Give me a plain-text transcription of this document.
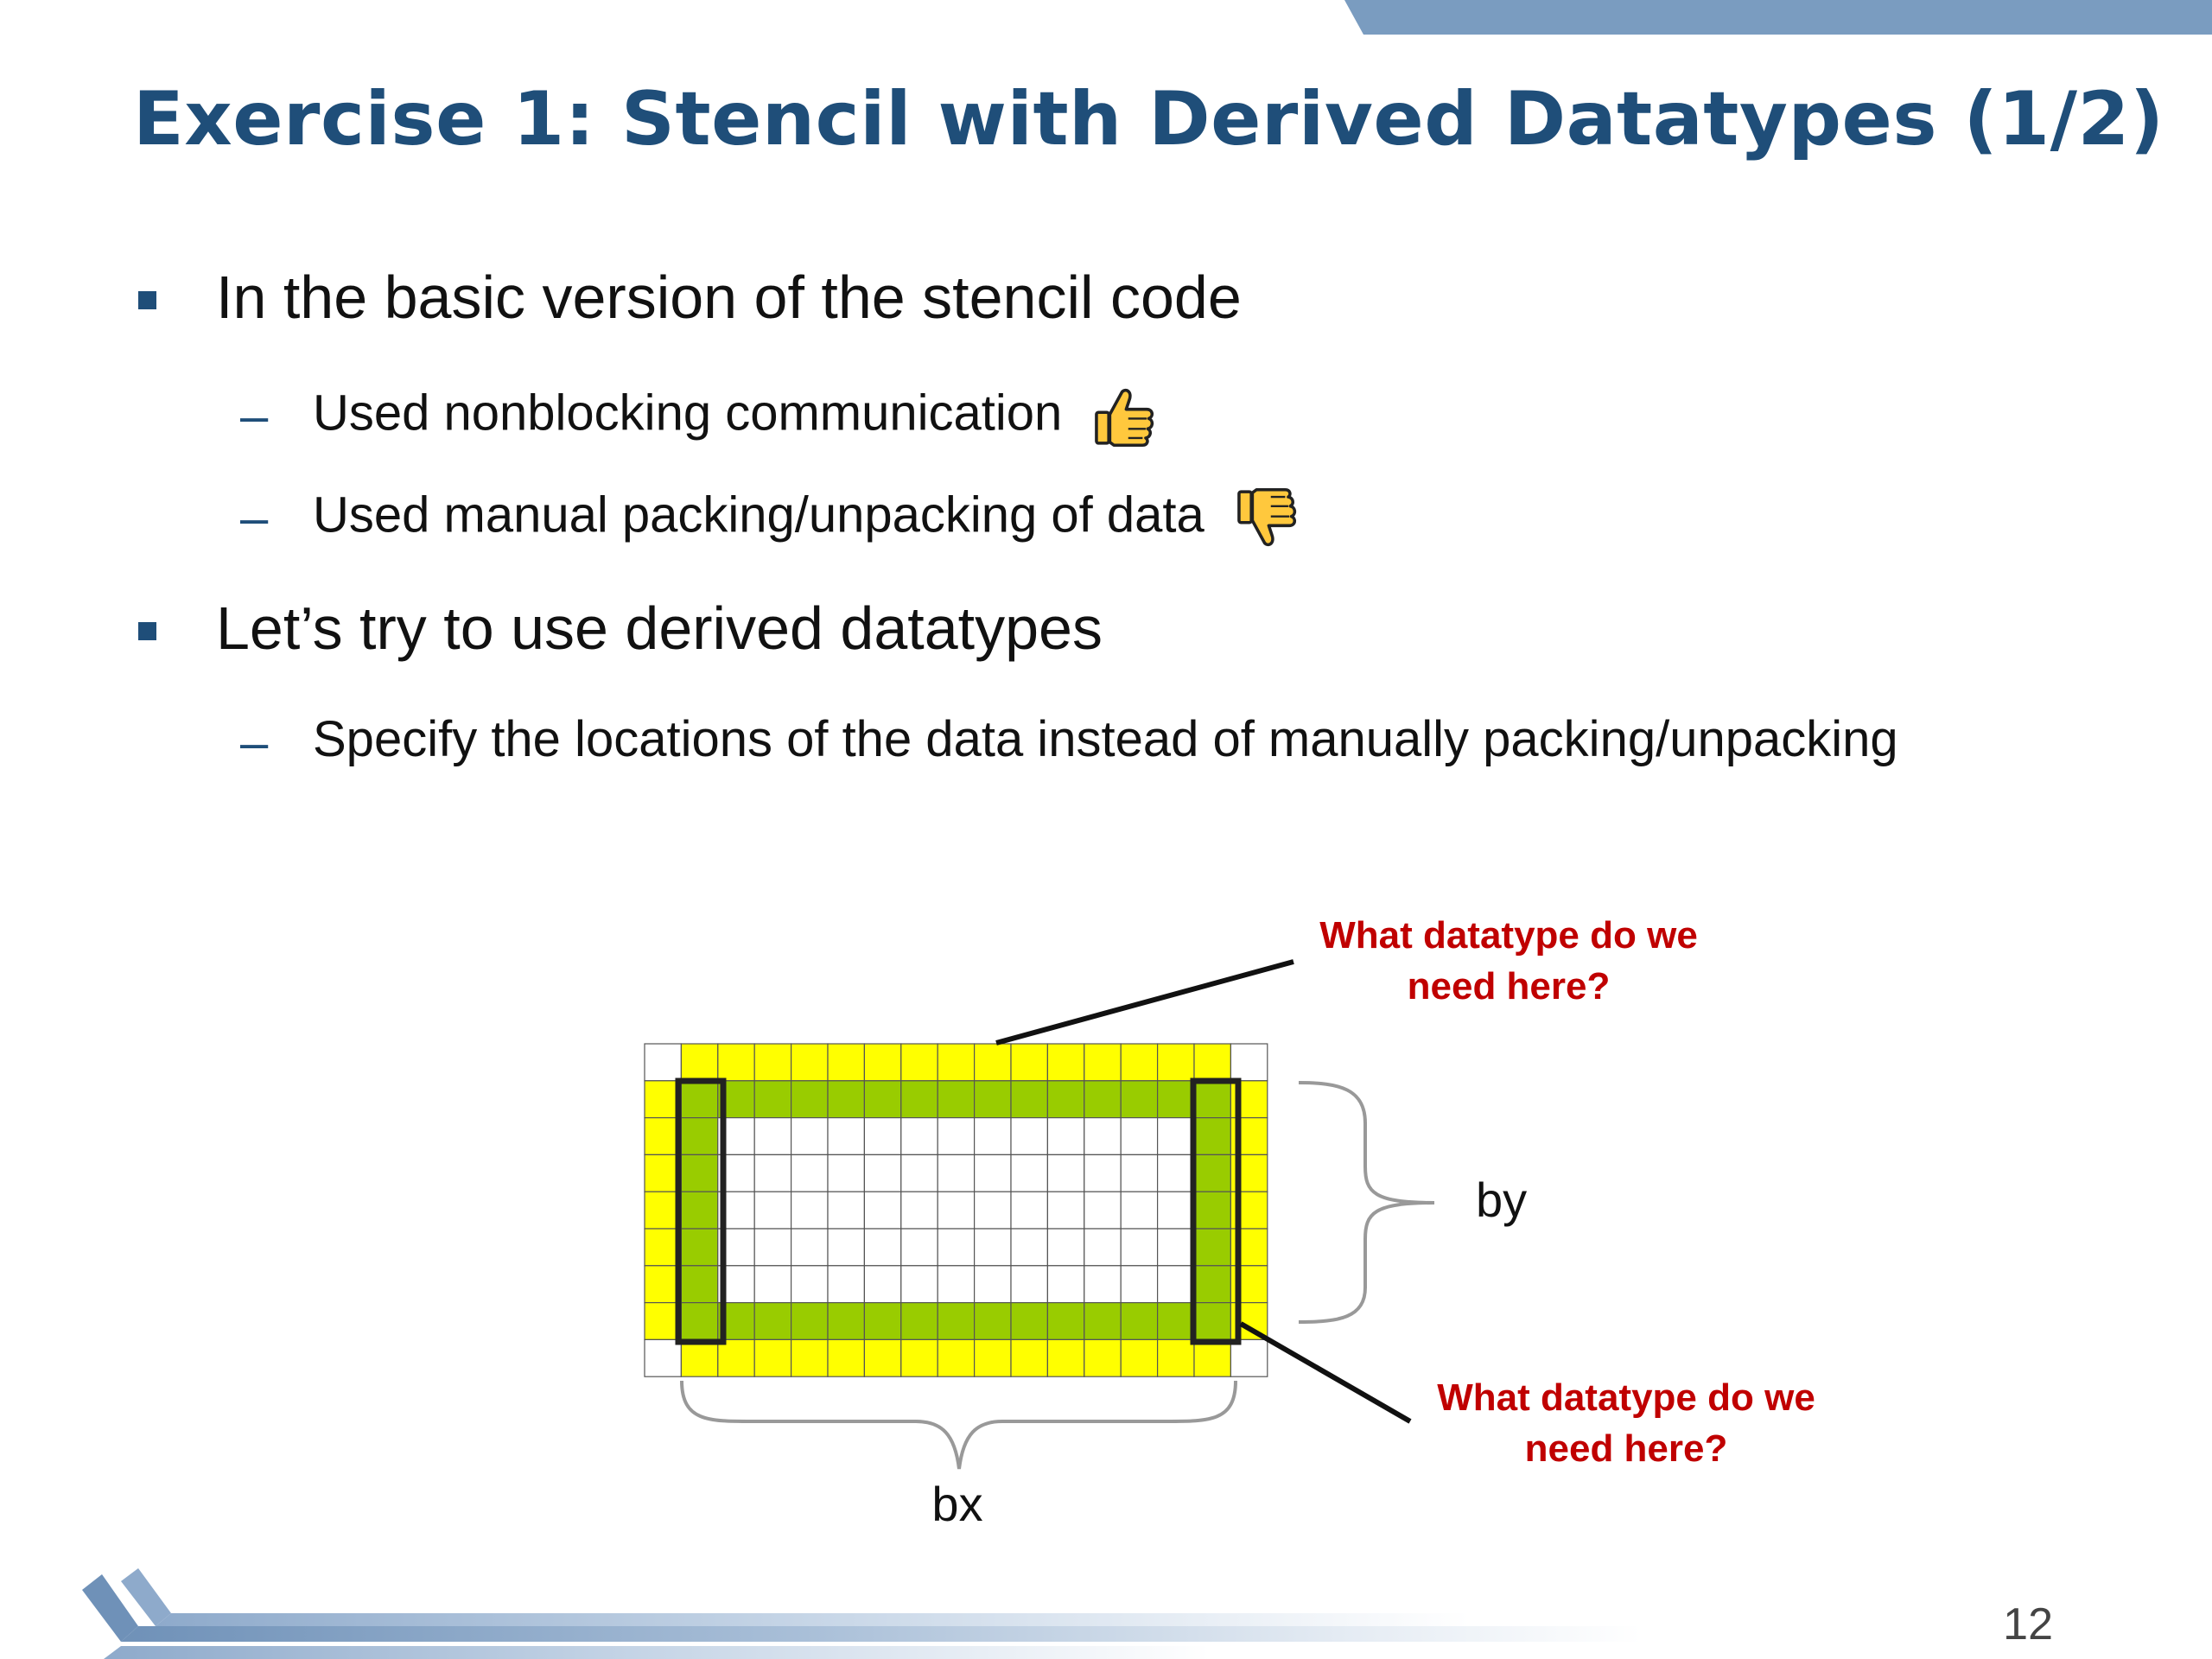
Exercise 1: Stencil with Derived Datatypes (1/2)
In the basic version of the stencil code
– Used nonblocking communication
– Used manual packing/unpacking of data
Let’s try to use derived datatypes
– Specify the locations of the data instead of manually packing/unpacking
What datatype do we
need here?
What datatype do we
need here?
bx
by
12
